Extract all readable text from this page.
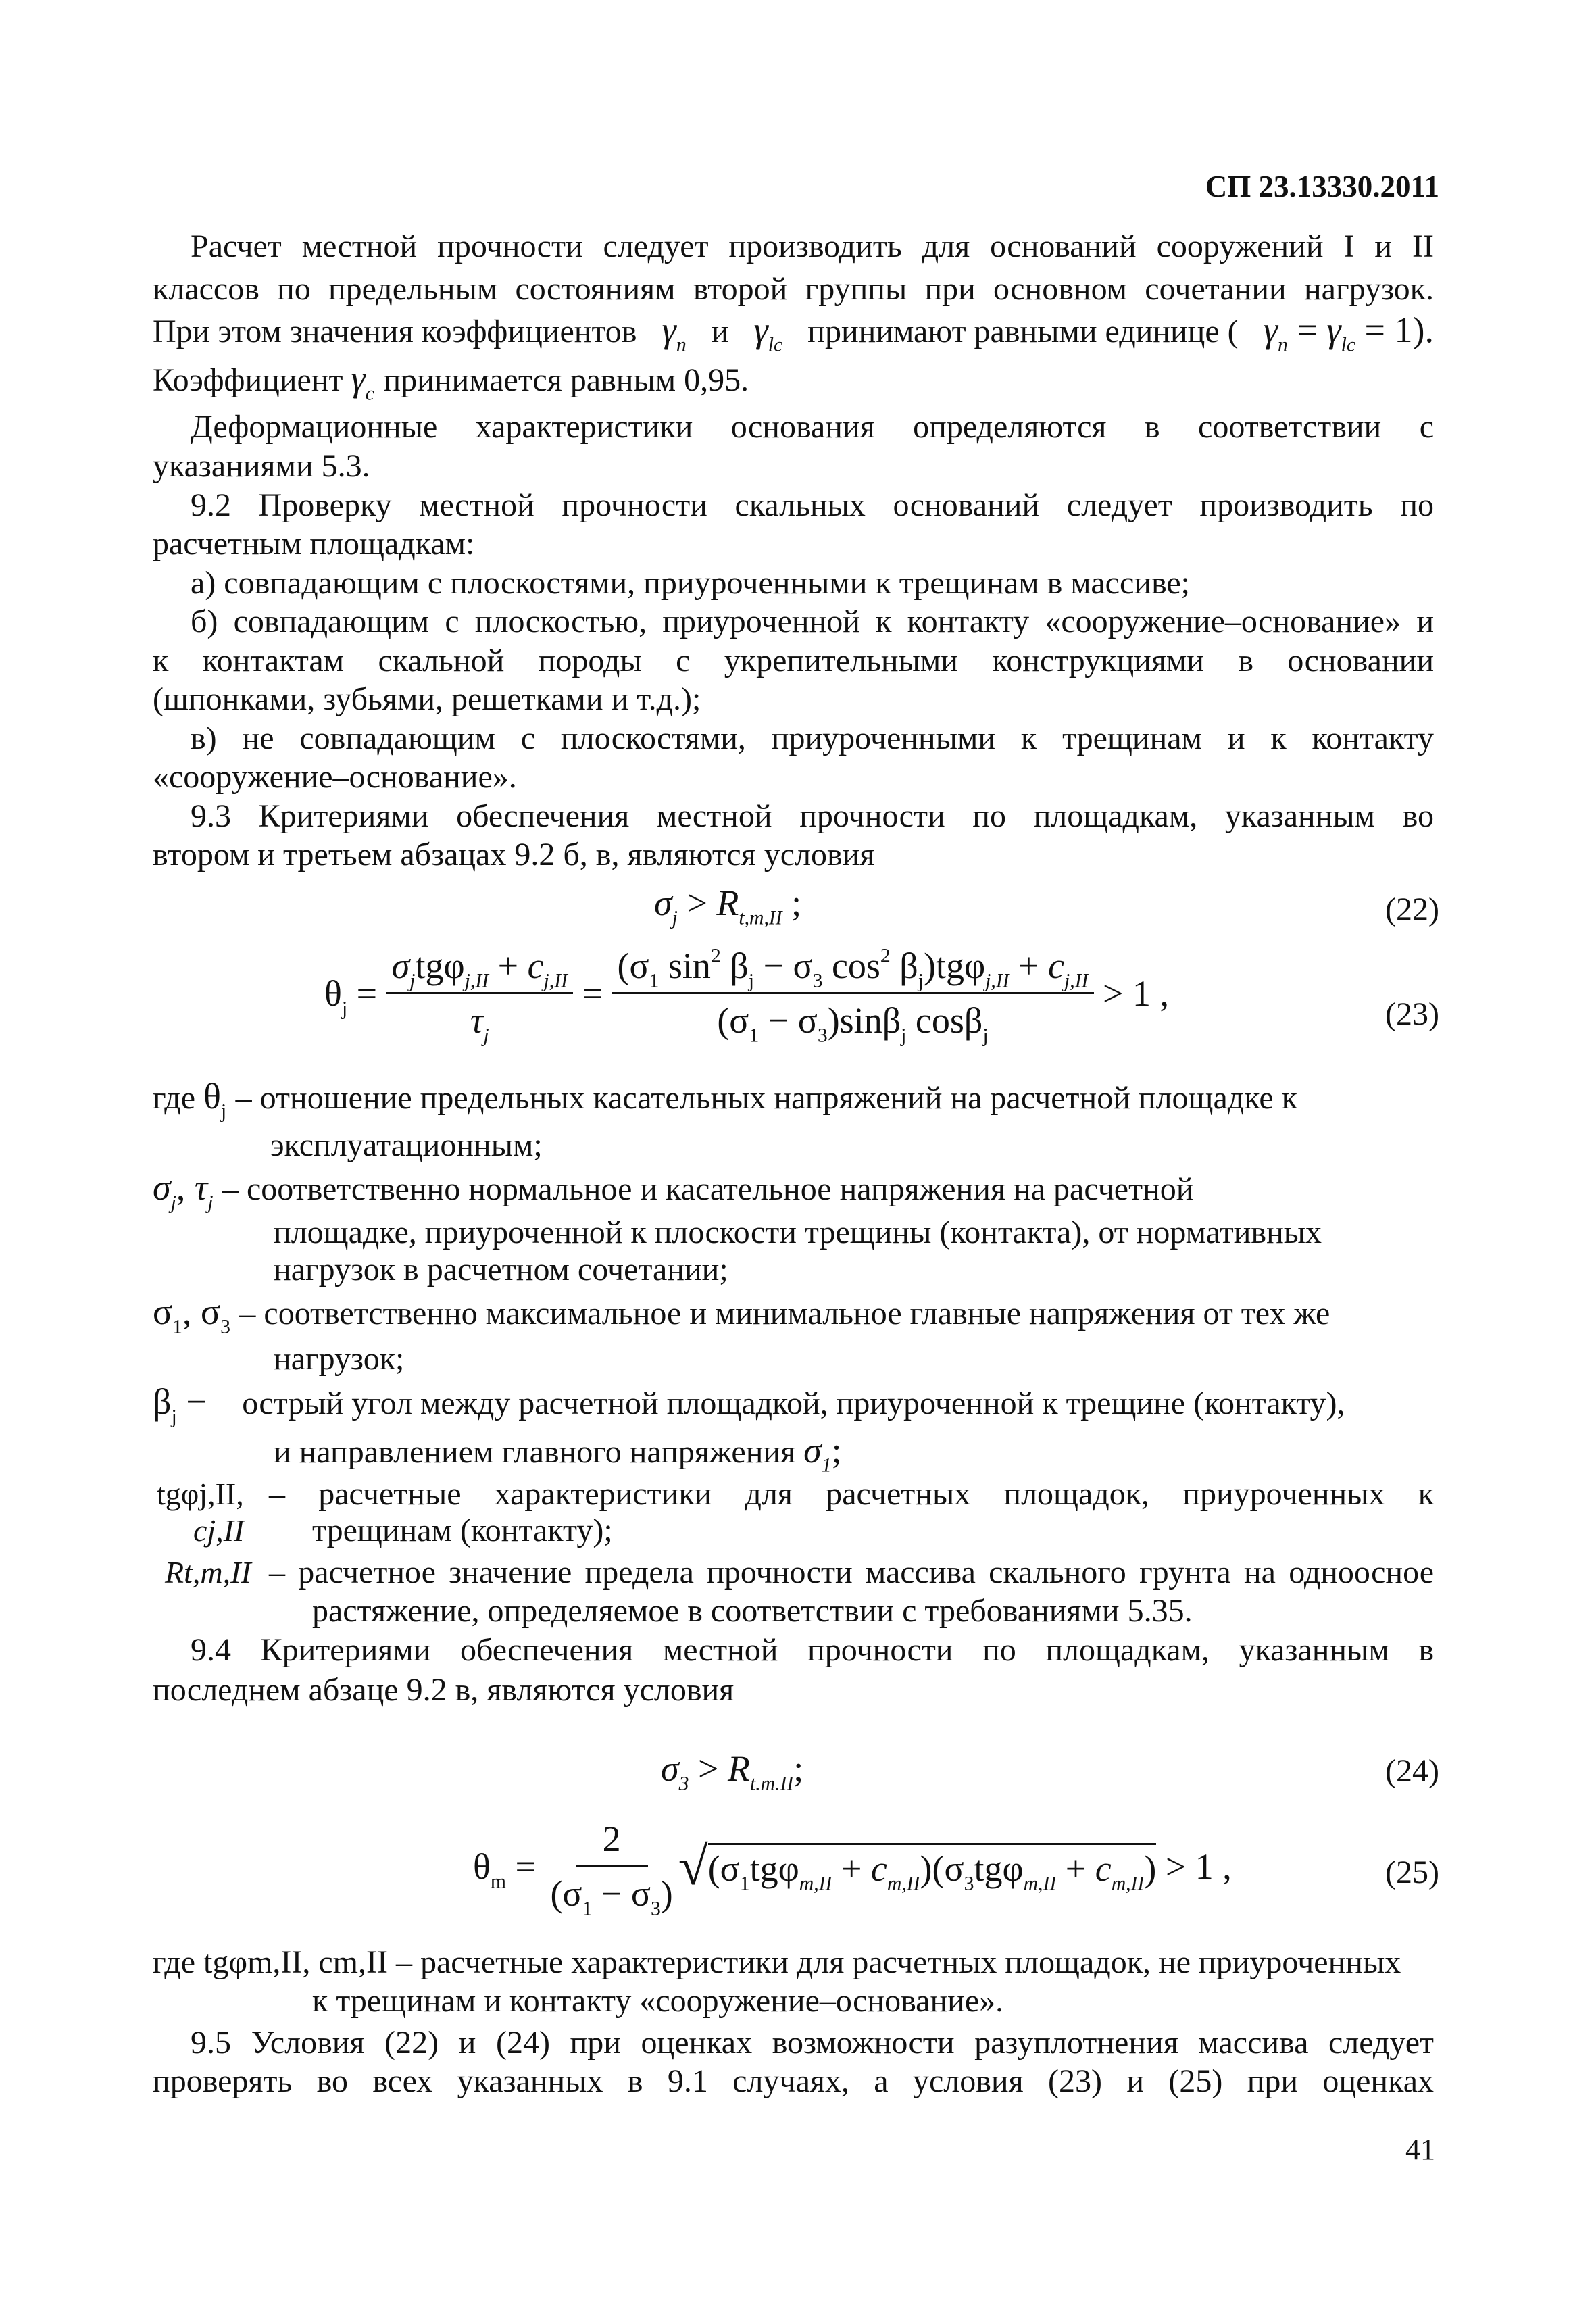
СП 23.13330.2011
Расчет местной прочности следует производить для оснований сооружений I и II
классов по предельным состояниям второй группы при основном сочетании нагрузок.
При этом значения коэффициентов $\gamma_n$ и $\gamma_{lc}$ принимают равными единице ( $\gamma_n = \gamma_{lc} = 1$).
Коэффициент $\gamma_c$ принимается равным 0,95.
Деформационные характеристики основания определяются в соответствии с
указаниями 5.3.
9.2 Проверку местной прочности скальных оснований следует производить по
расчетным площадкам:
а) совпадающим с плоскостями, приуроченными к трещинам в массиве;
б) совпадающим с плоскостью, приуроченной к контакту «сооружение–основание» и
к контактам скальной породы с укрепительными конструкциями в основании
(шпонками, зубьями, решетками и т.д.);
в) не совпадающим с плоскостями, приуроченными к трещинам и к контакту
«сооружение–основание».
9.3 Критериями обеспечения местной прочности по площадкам, указанным во
втором и третьем абзацах 9.2 б, в, являются условия
$\sigma_j > R_{t,m,II}$ ;	(22)
$\theta_j = \frac{\sigma_jtg\varphi_{j,II} + c_{j,II}}{\tau_j} = \frac{(\sigma_1 \sin^2 \beta_j - \sigma_3 \cos^2 \beta_j)tg\varphi_{j,II} + c_{j,II}}{(\sigma_1 - \sigma_3)\sin\beta_j \cos\beta_j} > 1$ ,
(23)
где $\theta_j$ – отношение предельных касательных напряжений на расчетной площадке к
эксплуатационным;
$\sigma_j$, $\tau_j$ – соответственно нормальное и касательное напряжения на расчетной
площадке, приуроченной к плоскости трещины (контакта), от нормативных
нагрузок в расчетном сочетании;
$\sigma_1$, $\sigma_3$ – соответственно максимальное и минимальное главные напряжения от тех же
нагрузок;
$\beta_j$ −    острый угол между расчетной площадкой, приуроченной к трещине (контакту),
и направлением главного напряжения $\sigma_1$;
tgφj,II, – расчетные характеристики для расчетных площадок, приуроченных к
cj,II трещинам (контакту);
Rt,m,II – расчетное значение предела прочности массива скального грунта на одноосное
растяжение, определяемое в соответствии с требованиями 5.35.
9.4 Критериями обеспечения местной прочности по площадкам, указанным в
последнем абзаце 9.2 в, являются условия
$\sigma_3 > R_{t.m.II}$;	(24)
$\theta_m = \frac{2}{(\sigma_1 - \sigma_3)}$ √ $(\sigma_1tg\varphi_{m,II} + c_{m,II})(\sigma_3tg\varphi_{m,II} + c_{m,II}) > 1$ ,	(25)
где tgφm,II, cm,II – расчетные характеристики для расчетных площадок, не приуроченных
к трещинам и контакту «сооружение–основание».
9.5 Условия (22) и (24) при оценках возможности разуплотнения массива следует
проверять во всех указанных в 9.1 случаях, а условия (23) и (25) при оценках
41
